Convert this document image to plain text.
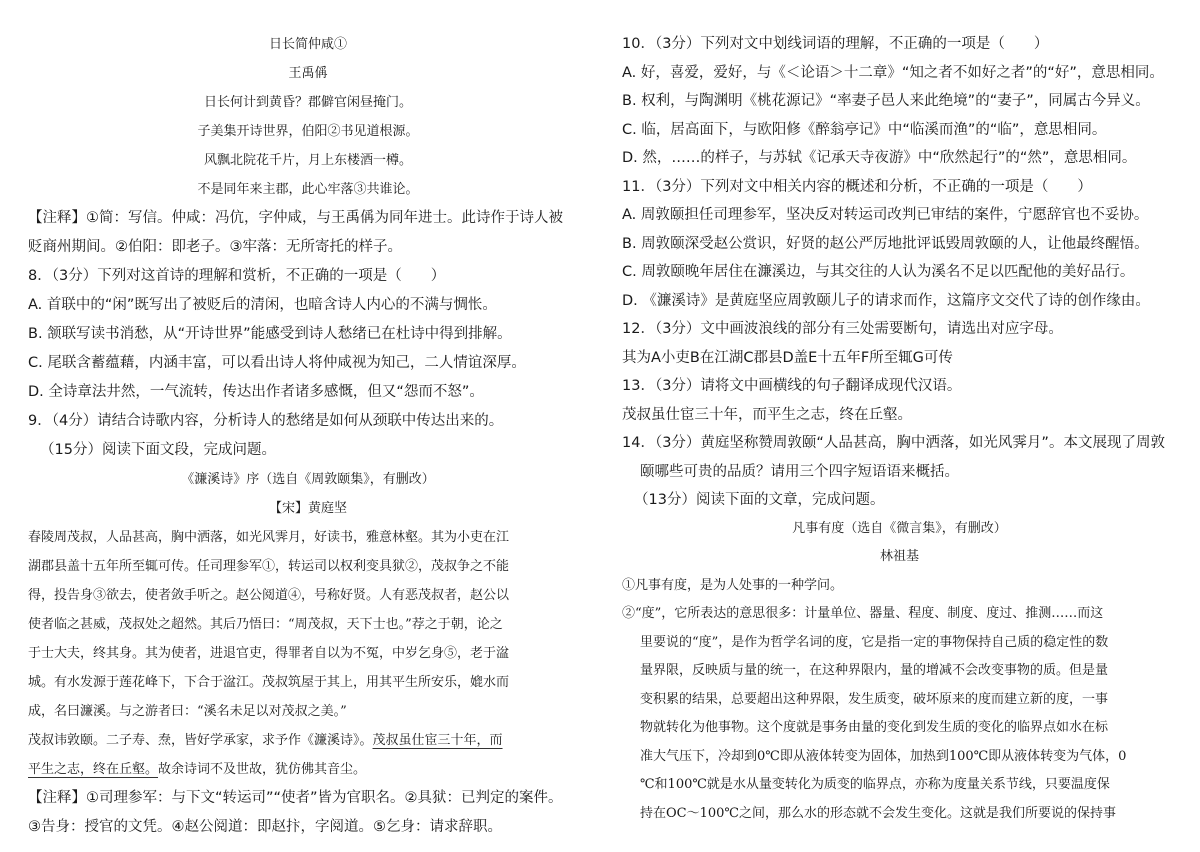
日长简仲咸①
王禹偁
日长何计到黄昏？郡僻官闲昼掩门。
子美集开诗世界，伯阳②书见道根源。
风飘北院花千片，月上东楼酒一樽。
不是同年来主郡，此心牢落③共谁论。
【注释】①简：写信。仲咸：冯伉，字仲咸，与王禹偁为同年进士。此诗作于诗人被
贬商州期间。②伯阳：即老子。③牢落：无所寄托的样子。
8．（3分）下列对这首诗的理解和赏析，不正确的一项是（　　）
A. 首联中的“闲”既写出了被贬后的清闲，也暗含诗人内心的不满与惆怅。
B. 颔联写读书消愁，从“开诗世界”能感受到诗人愁绪已在杜诗中得到排解。
C. 尾联含蓄蕴藉，内涵丰富，可以看出诗人将仲咸视为知己，二人情谊深厚。
D. 全诗章法井然，一气流转，传达出作者诸多感慨，但又“怨而不怒”。
9．（4分）请结合诗歌内容，分析诗人的愁绪是如何从颈联中传达出来的。
（15分）阅读下面文段，完成问题。
《濂溪诗》序（选自《周敦颐集》，有删改）
【宋】黄庭坚
春陵周茂叔，人品甚高，胸中洒落，如光风霁月，好读书，雅意林壑。其为小吏在江
湖郡县盖十五年所至辄可传。任司理参军①，转运司以权利变具狱②，茂叔争之不能
得，投告身③欲去，使者敛手听之。赵公阅道④，号称好贤。人有恶茂叔者，赵公以
使者临之甚威，茂叔处之超然。其后乃悟曰：“周茂叔，天下士也。”荐之于朝，论之
于士大夫，终其身。其为使者，进退官吏，得罪者自以为不冤，中岁乞身⑤，老于湓
城。有水发源于莲花峰下，下合于湓江。茂叔筑屋于其上，用其平生所安乐，媲水而
成，名曰濂溪。与之游者曰：“溪名未足以对茂叔之美。”
茂叔讳敦颐。二子寿、焘，皆好学承家，求予作《濂溪诗》。茂叔虽仕宦三十年，而
平生之志，终在丘壑。故余诗词不及世故，犹仿佛其音尘。
【注释】①司理参军：与下文“转运司”“使者”皆为官职名。②具狱：已判定的案件。
③告身：授官的文凭。④赵公阅道：即赵抃，字阅道。⑤乞身：请求辞职。
10．（3分）下列对文中划线词语的理解，不正确的一项是（　　）
A. 好，喜爱，爱好，与《＜论语＞十二章》“知之者不如好之者”的“好”，意思相同。
B. 权利，与陶渊明《桃花源记》“率妻子邑人来此绝境”的“妻子”，同属古今异义。
C. 临，居高面下，与欧阳修《醉翁亭记》中“临溪而渔”的“临”，意思相同。
D. 然，……的样子，与苏轼《记承天寺夜游》中“欣然起行”的“然”，意思相同。
11．（3分）下列对文中相关内容的概述和分析，不正确的一项是（　　）
A. 周敦颐担任司理参军，坚决反对转运司改判已审结的案件，宁愿辞官也不妥协。
B. 周敦颐深受赵公赏识，好贤的赵公严厉地批评诋毁周敦颐的人，让他最终醒悟。
C. 周敦颐晚年居住在濂溪边，与其交往的人认为溪名不足以匹配他的美好品行。
D. 《濂溪诗》是黄庭坚应周敦颐儿子的请求而作，这篇序文交代了诗的创作缘由。
12．（3分）文中画波浪线的部分有三处需要断句，请选出对应字母。
其为A小吏B在江湖C郡县D盖E十五年F所至辄G可传
13．（3分）请将文中画横线的句子翻译成现代汉语。
茂叔虽仕宦三十年，而平生之志，终在丘壑。
14．（3分）黄庭坚称赞周敦颐“人品甚高，胸中洒落，如光风霁月”。本文展现了周敦
颐哪些可贵的品质？请用三个四字短语语来概括。
（13分）阅读下面的文章，完成问题。
凡事有度（选自《微言集》，有删改）
林祖基
①凡事有度，是为人处事的一种学问。
②“度”，它所表达的意思很多：计量单位、器量、程度、制度、度过、推测……而这
里要说的“度”，是作为哲学名词的度，它是指一定的事物保持自己质的稳定性的数
量界限，反映质与量的统一，在这种界限内，量的增减不会改变事物的质。但是量
变积累的结果，总要超出这种界限，发生质变，破坏原来的度而建立新的度，一事
物就转化为他事物。这个度就是事务由量的变化到发生质的变化的临界点如水在标
准大气压下，冷却到0℃即从液体转变为固体，加热到100℃即从液体转变为气体，0
℃和100℃就是水从量变转化为质变的临界点，亦称为度量关系节线，只要温度保
持在OC～100℃之间，那么水的形态就不会发生变化。这就是我们所要说的保持事
